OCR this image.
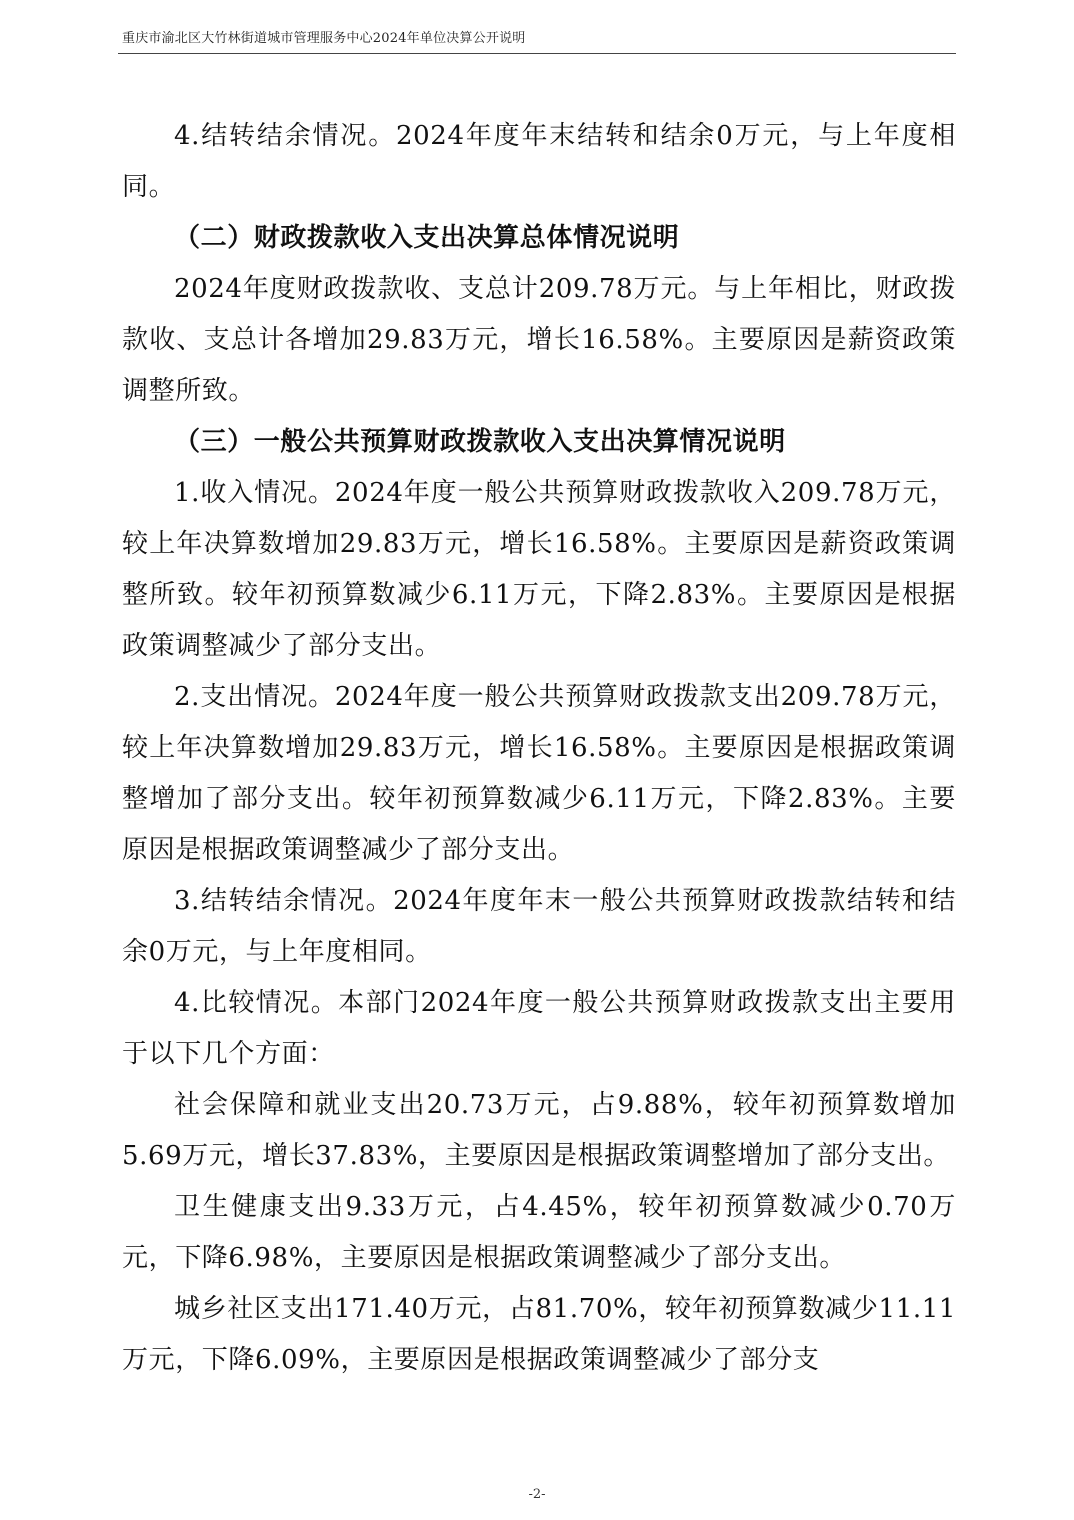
重庆市渝北区大竹林街道城市管理服务中心2024年单位决算公开说明

4.结转结余情况。2024年度年末结转和结余0万元，与上年度相同。

（二）财政拨款收入支出决算总体情况说明

2024年度财政拨款收、支总计209.78万元。与上年相比，财政拨款收、支总计各增加29.83万元，增长16.58%。主要原因是薪资政策调整所致。

（三）一般公共预算财政拨款收入支出决算情况说明

1.收入情况。2024年度一般公共预算财政拨款收入209.78万元，较上年决算数增加29.83万元，增长16.58%。主要原因是薪资政策调整所致。较年初预算数减少6.11万元，下降2.83%。主要原因是根据政策调整减少了部分支出。

2.支出情况。2024年度一般公共预算财政拨款支出209.78万元，较上年决算数增加29.83万元，增长16.58%。主要原因是根据政策调整增加了部分支出。较年初预算数减少6.11万元，下降2.83%。主要原因是根据政策调整减少了部分支出。

3.结转结余情况。2024年度年末一般公共预算财政拨款结转和结余0万元，与上年度相同。

4.比较情况。本部门2024年度一般公共预算财政拨款支出主要用于以下几个方面：

社会保障和就业支出20.73万元，占9.88%，较年初预算数增加5.69万元，增长37.83%，主要原因是根据政策调整增加了部分支出。

卫生健康支出9.33万元，占4.45%，较年初预算数减少0.70万元，下降6.98%，主要原因是根据政策调整减少了部分支出。

城乡社区支出171.40万元，占81.70%，较年初预算数减少11.11万元，下降6.09%，主要原因是根据政策调整减少了部分支

-2-
